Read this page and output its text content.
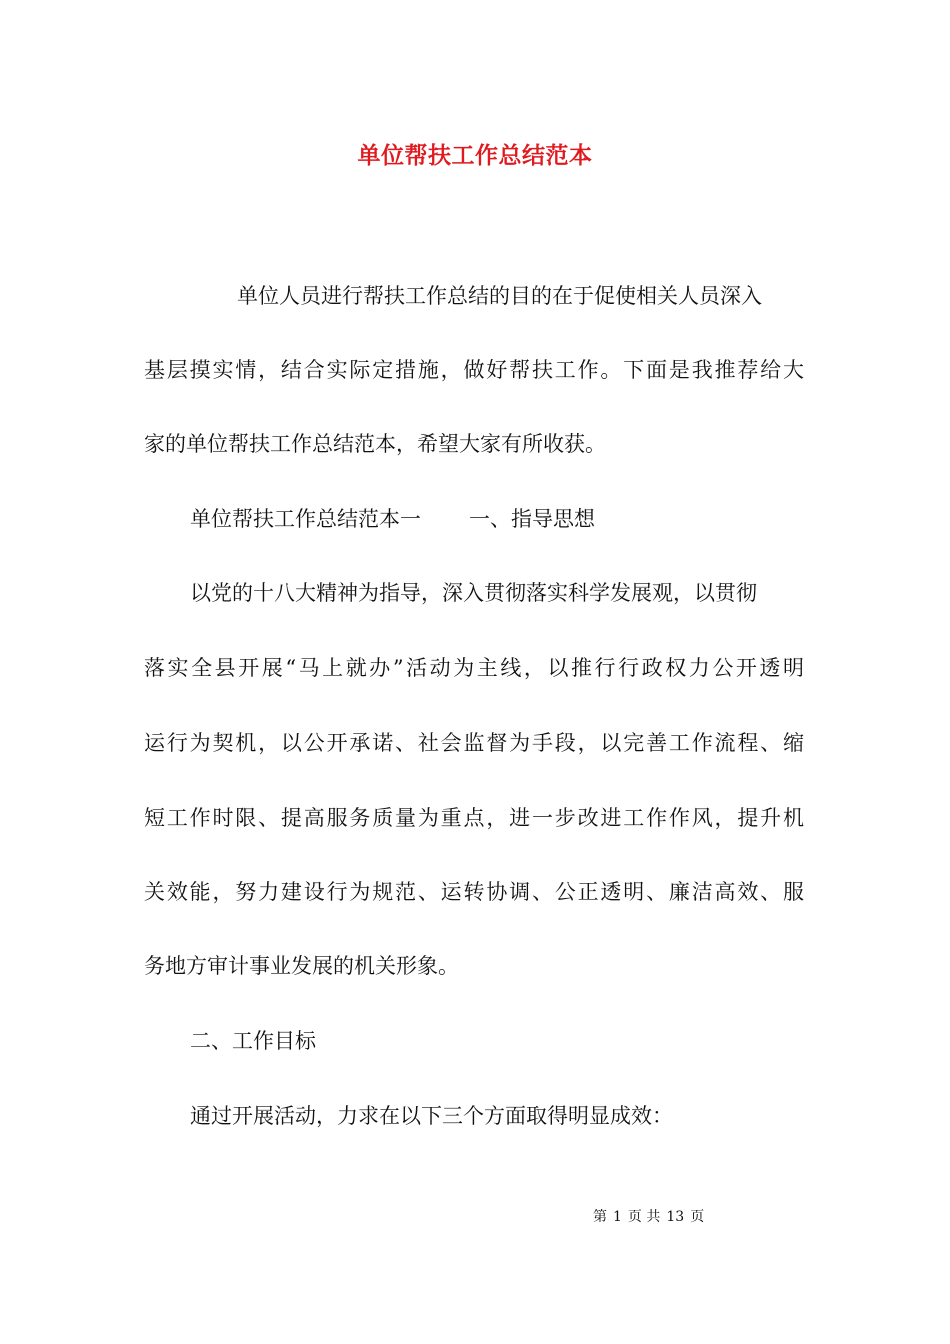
单位帮扶工作总结范本
单位人员进行帮扶工作总结的目的在于促使相关人员深入
基层摸实情，结合实际定措施，做好帮扶工作。下面是我推荐给大
家的单位帮扶工作总结范本，希望大家有所收获。
单位帮扶工作总结范本一 一、指导思想
以党的十八大精神为指导，深入贯彻落实科学发展观，以贯彻
落实全县开展“马上就办”活动为主线，以推行行政权力公开透明
运行为契机，以公开承诺、社会监督为手段，以完善工作流程、缩
短工作时限、提高服务质量为重点，进一步改进工作作风，提升机
关效能，努力建设行为规范、运转协调、公正透明、廉洁高效、服
务地方审计事业发展的机关形象。
二、工作目标
通过开展活动，力求在以下三个方面取得明显成效：
第 1 页 共 13 页
